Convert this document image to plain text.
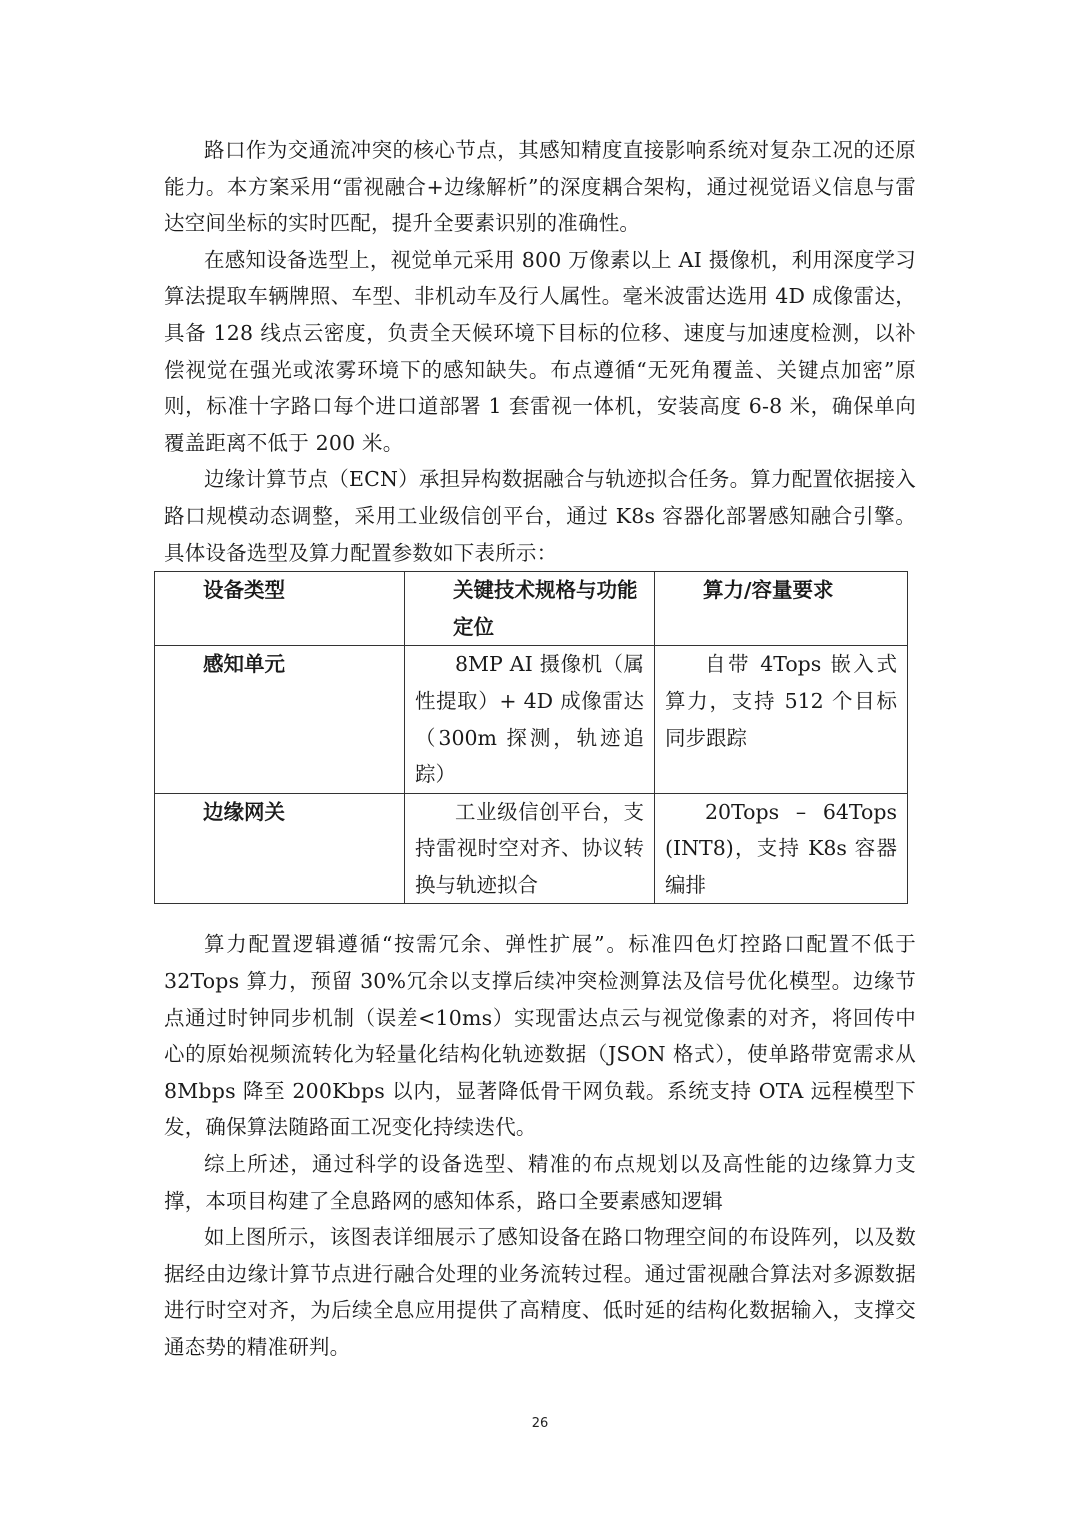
路口作为交通流冲突的核心节点，其感知精度直接影响系统对复杂工况的还原能力。本方案采用“雷视融合+边缘解析”的深度耦合架构，通过视觉语义信息与雷达空间坐标的实时匹配，提升全要素识别的准确性。

在感知设备选型上，视觉单元采用 800 万像素以上 AI 摄像机，利用深度学习算法提取车辆牌照、车型、非机动车及行人属性。毫米波雷达选用 4D 成像雷达，具备 128 线点云密度，负责全天候环境下目标的位移、速度与加速度检测，以补偿视觉在强光或浓雾环境下的感知缺失。布点遵循“无死角覆盖、关键点加密”原则，标准十字路口每个进口道部署 1 套雷视一体机，安装高度 6-8 米，确保单向覆盖距离不低于 200 米。

边缘计算节点（ECN）承担异构数据融合与轨迹拟合任务。算力配置依据接入路口规模动态调整，采用工业级信创平台，通过 K8s 容器化部署感知融合引擎。具体设备选型及算力配置参数如下表所示：

设备类型	关键技术规格与功能定位	算力/容量要求
感知单元	8MP AI 摄像机（属性提取）+ 4D 成像雷达（300m 探测，轨迹追踪）	自带 4Tops 嵌入式算力，支持 512 个目标同步跟踪
边缘网关	工业级信创平台，支持雷视时空对齐、协议转换与轨迹拟合	20Tops – 64Tops (INT8)，支持 K8s 容器编排

算力配置逻辑遵循“按需冗余、弹性扩展”。标准四色灯控路口配置不低于 32Tops 算力，预留 30%冗余以支撑后续冲突检测算法及信号优化模型。边缘节点通过时钟同步机制（误差<10ms）实现雷达点云与视觉像素的对齐，将回传中心的原始视频流转化为轻量化结构化轨迹数据（JSON 格式），使单路带宽需求从 8Mbps 降至 200Kbps 以内，显著降低骨干网负载。系统支持 OTA 远程模型下发，确保算法随路面工况变化持续迭代。

综上所述，通过科学的设备选型、精准的布点规划以及高性能的边缘算力支撑，本项目构建了全息路网的感知体系，路口全要素感知逻辑

如上图所示，该图表详细展示了感知设备在路口物理空间的布设阵列，以及数据经由边缘计算节点进行融合处理的业务流转过程。通过雷视融合算法对多源数据进行时空对齐，为后续全息应用提供了高精度、低时延的结构化数据输入，支撑交通态势的精准研判。

26
